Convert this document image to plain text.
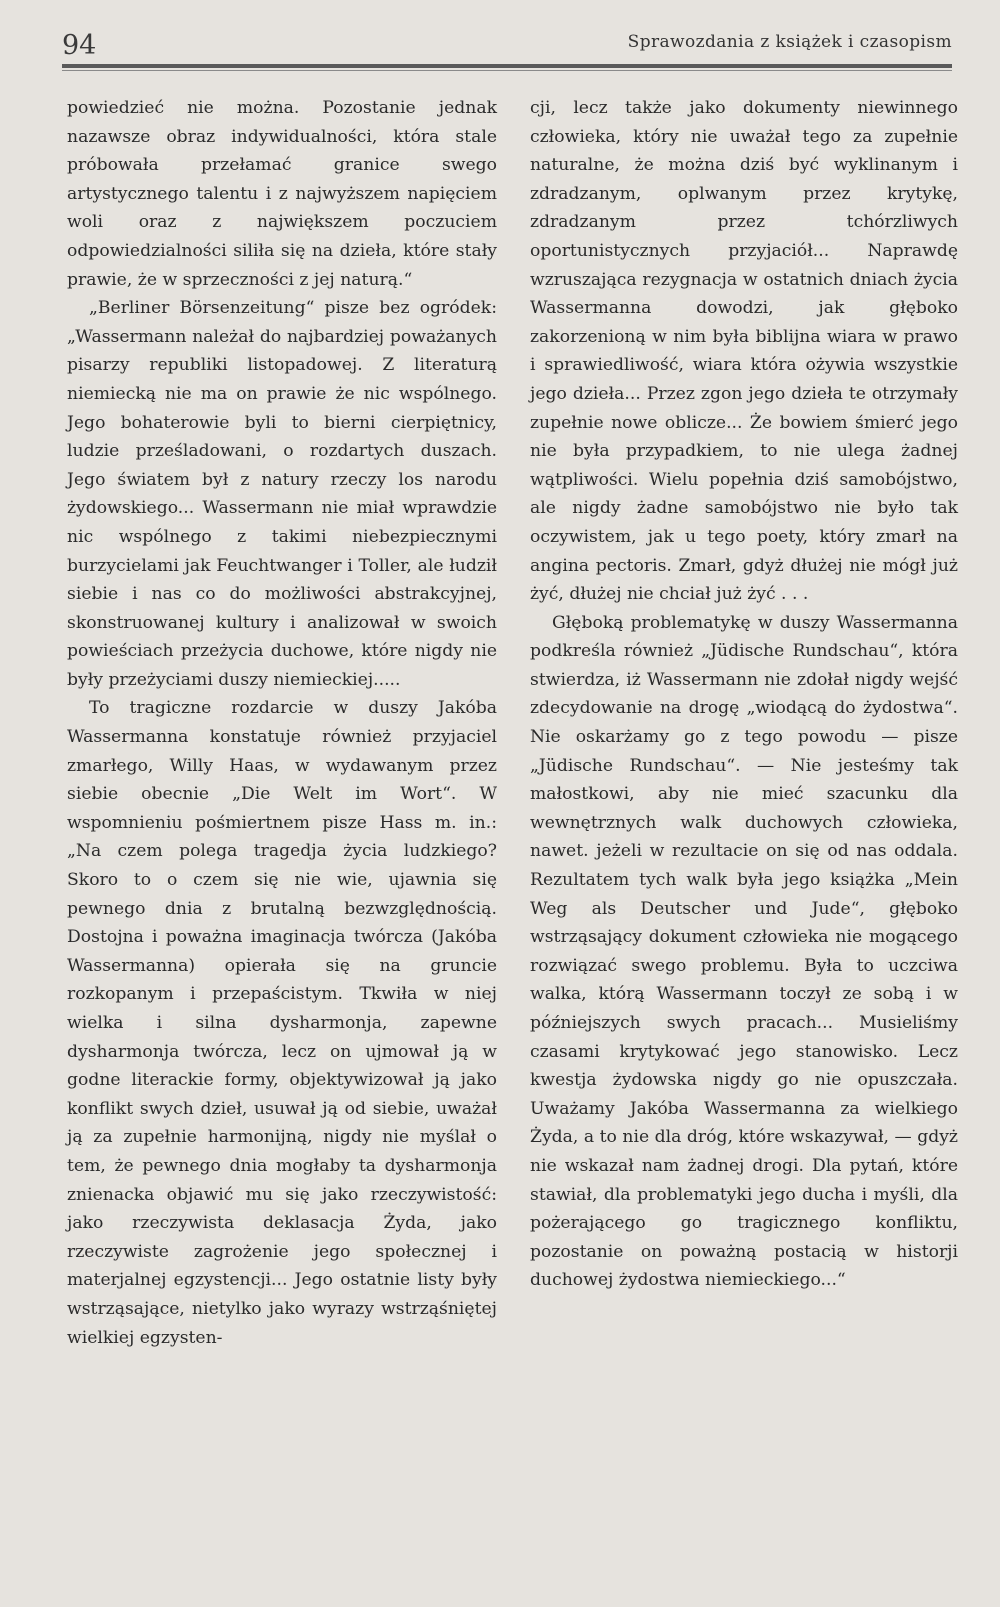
94	Sprawozdania z książek i czasopism

powiedzieć nie można. Pozostanie jednak nazawsze obraz indywidualności, która stale próbowała przełamać granice swego artystycznego talentu i z najwyższem napięciem woli oraz z największem poczuciem odpowiedzialności siliła się na dzieła, które stały prawie, że w sprzeczności z jej naturą.“

„Berliner Börsenzeitung“ pisze bez ogródek: „Wassermann należał do najbardziej poważanych pisarzy republiki listopadowej. Z literaturą niemiecką nie ma on prawie że nic wspólnego. Jego bohaterowie byli to bierni cierpiętnicy, ludzie prześladowani, o rozdartych duszach. Jego światem był z natury rzeczy los narodu żydowskiego... Wassermann nie miał wprawdzie nic wspólnego z takimi niebezpiecznymi burzycielami jak Feuchtwanger i Toller, ale łudził siebie i nas co do możliwości abstrakcyjnej, skonstruowanej kultury i analizował w swoich powieściach przeżycia duchowe, które nigdy nie były przeżyciami duszy niemieckiej.....

To tragiczne rozdarcie w duszy Jakóba Wassermanna konstatuje również przyjaciel zmarłego, Willy Haas, w wydawanym przez siebie obecnie „Die Welt im Wort“. W wspomnieniu pośmiertnem pisze Hass m. in.: „Na czem polega tragedja życia ludzkiego? Skoro to o czem się nie wie, ujawnia się pewnego dnia z brutalną bezwzględnością. Dostojna i poważna imaginacja twórcza (Jakóba Wassermanna) opierała się na gruncie rozkopanym i przepaścistym. Tkwiła w niej wielka i silna dysharmonja, zapewne dysharmonja twórcza, lecz on ujmował ją w godne literackie formy, objektywizował ją jako konflikt swych dzieł, usuwał ją od siebie, uważał ją za zupełnie harmonijną, nigdy nie myślał o tem, że pewnego dnia mogłaby ta dysharmonja znienacka objawić mu się jako rzeczywistość: jako rzeczywista deklasacja Żyda, jako rzeczywiste zagrożenie jego społecznej i materjalnej egzystencji... Jego ostatnie listy były wstrząsające, nietylko jako wyrazy wstrząśniętej wielkiej egzysten-

cji, lecz także jako dokumenty niewinnego człowieka, który nie uważał tego za zupełnie naturalne, że można dziś być wyklinanym i zdradzanym, oplwanym przez krytykę, zdradzanym przez tchórzliwych oportunistycznych przyjaciół... Naprawdę wzruszająca rezygnacja w ostatnich dniach życia Wassermanna dowodzi, jak głęboko zakorzenioną w nim była biblijna wiara w prawo i sprawiedliwość, wiara która ożywia wszystkie jego dzieła... Przez zgon jego dzieła te otrzymały zupełnie nowe oblicze... Że bowiem śmierć jego nie była przypadkiem, to nie ulega żadnej wątpliwości. Wielu popełnia dziś samobójstwo, ale nigdy żadne samobójstwo nie było tak oczywistem, jak u tego poety, który zmarł na angina pectoris. Zmarł, gdyż dłużej nie mógł już żyć, dłużej nie chciał już żyć . . .

Głęboką problematykę w duszy Wassermanna podkreśla również „Jüdische Rundschau“, która stwierdza, iż Wassermann nie zdołał nigdy wejść zdecydowanie na drogę „wiodącą do żydostwa“. Nie oskarżamy go z tego powodu — pisze „Jüdische Rundschau“. — Nie jesteśmy tak małostkowi, aby nie mieć szacunku dla wewnętrznych walk duchowych człowieka, nawet. jeżeli w rezultacie on się od nas oddala. Rezultatem tych walk była jego książka „Mein Weg als Deutscher und Jude“, głęboko wstrząsający dokument człowieka nie mogącego rozwiązać swego problemu. Była to uczciwa walka, którą Wassermann toczył ze sobą i w późniejszych swych pracach... Musieliśmy czasami krytykować jego stanowisko. Lecz kwestja żydowska nigdy go nie opuszczała. Uważamy Jakóba Wassermanna za wielkiego Żyda, a to nie dla dróg, które wskazywał, — gdyż nie wskazał nam żadnej drogi. Dla pytań, które stawiał, dla problematyki jego ducha i myśli, dla pożerającego go tragicznego konfliktu, pozostanie on poważną postacią w historji duchowej żydostwa niemieckiego...“
